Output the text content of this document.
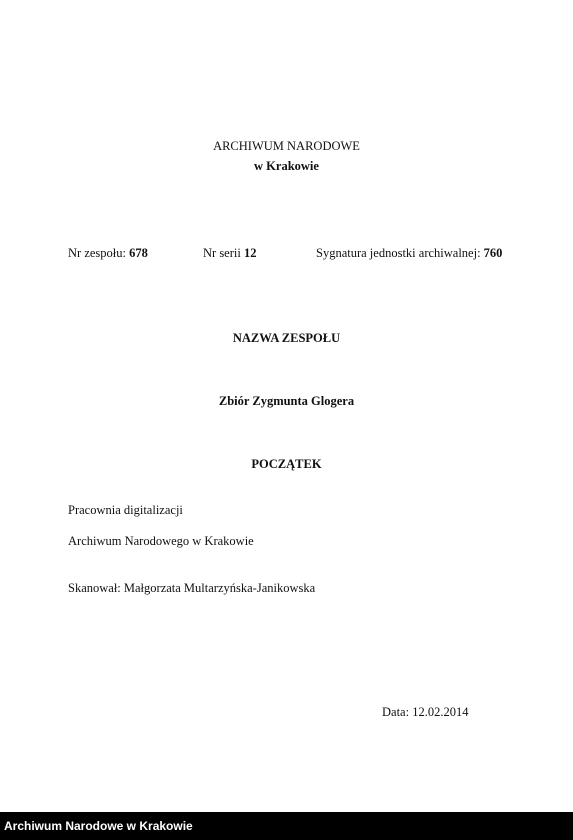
ARCHIWUM NARODOWE
w Krakowie
Nr zespołu: 678	Nr serii 12	Sygnatura jednostki archiwalnej: 760
NAZWA ZESPOŁU
Zbiór Zygmunta Glogera
POCZĄTEK
Pracownia digitalizacji
Archiwum Narodowego w Krakowie
Skanował: Małgorzata Multarzyńska-Janikowska
Data: 12.02.2014
Archiwum Narodowe w Krakowie
